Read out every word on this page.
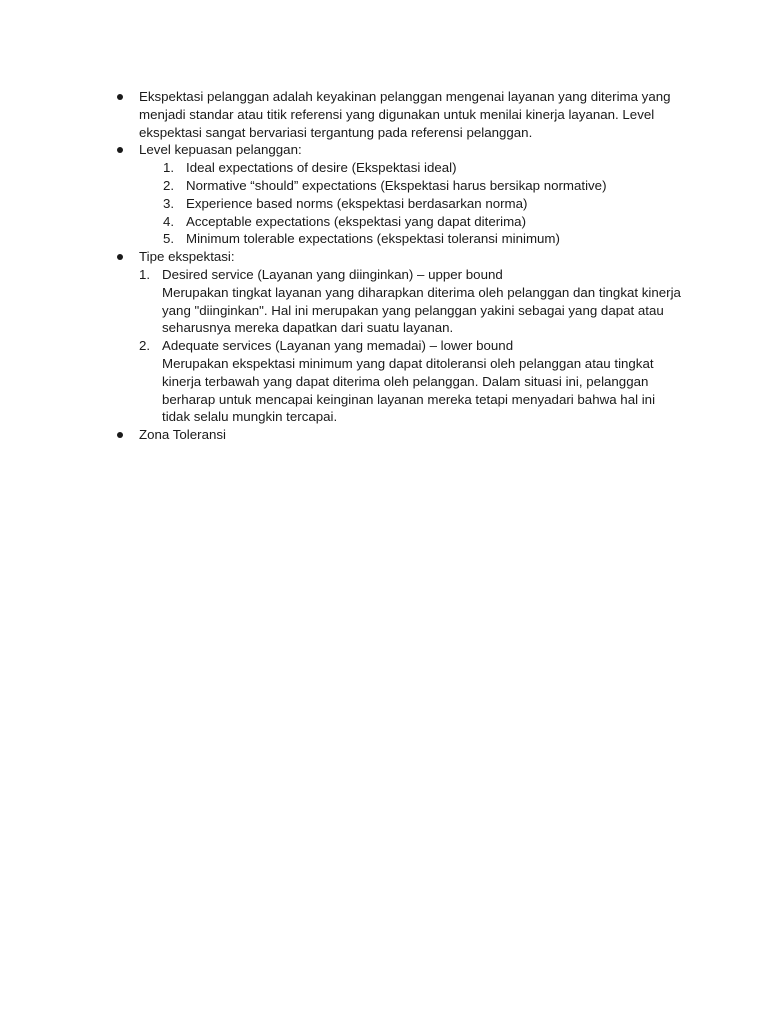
Ekspektasi pelanggan adalah keyakinan pelanggan mengenai layanan yang diterima yang menjadi standar atau titik referensi yang digunakan untuk menilai kinerja layanan. Level ekspektasi sangat bervariasi tergantung pada referensi pelanggan.
Level kepuasan pelanggan:
1. Ideal expectations of desire (Ekspektasi ideal)
2. Normative “should” expectations (Ekspektasi harus bersikap normative)
3. Experience based norms (ekspektasi berdasarkan norma)
4. Acceptable expectations (ekspektasi yang dapat diterima)
5. Minimum tolerable expectations (ekspektasi toleransi minimum)
Tipe ekspektasi:
1. Desired service (Layanan yang diinginkan) – upper bound
Merupakan tingkat layanan yang diharapkan diterima oleh pelanggan dan tingkat kinerja yang "diinginkan". Hal ini merupakan yang pelanggan yakini sebagai yang dapat atau seharusnya mereka dapatkan dari suatu layanan.
2. Adequate services (Layanan yang memadai) – lower bound
Merupakan ekspektasi minimum yang dapat ditoleransi oleh pelanggan atau tingkat kinerja terbawah yang dapat diterima oleh pelanggan. Dalam situasi ini, pelanggan berharap untuk mencapai keinginan layanan mereka tetapi menyadari bahwa hal ini tidak selalu mungkin tercapai.
Zona Toleransi
